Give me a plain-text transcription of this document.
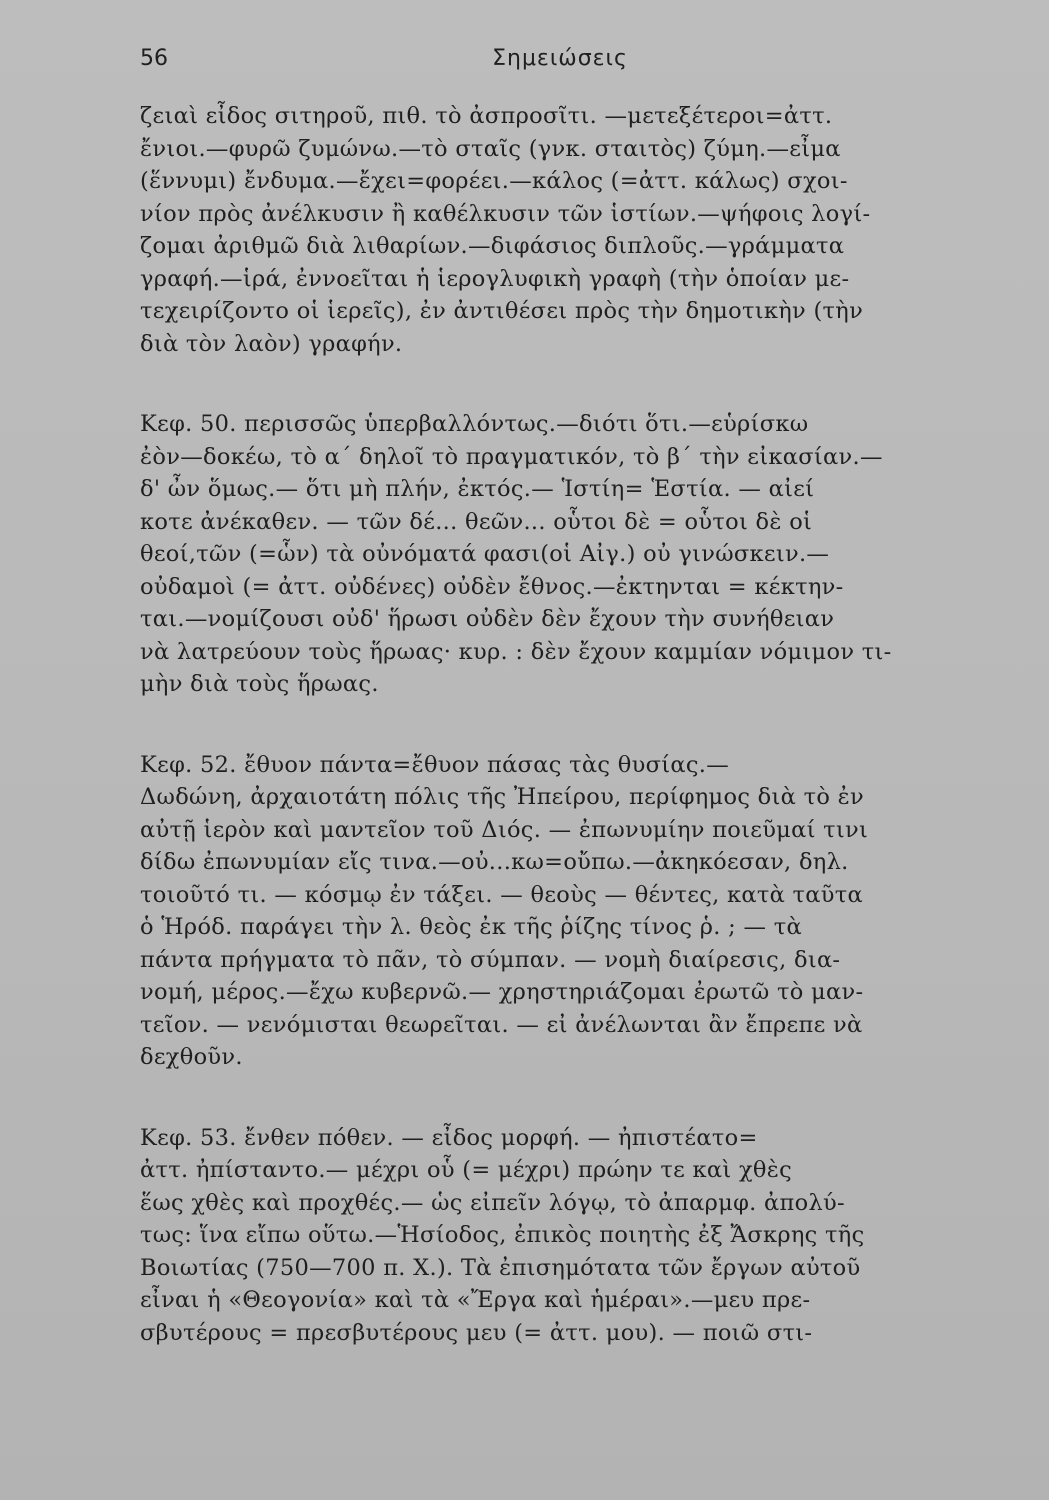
56	Σημειώσεις
ζειαὶ εἶδος σιτηροῦ, πιθ. τὸ ἀσπροσῖτι. —μετεξέτεροι=ἀττ.
ἔνιοι.—φυρῶ ζυμώνω.—τὸ σταῖς (γνκ. σταιτὸς) ζύμη.—εἶμα
(ἕννυμι) ἔνδυμα.—ἔχει=φορέει.—κάλος (=ἀττ. κάλως) σχοι-
νίον πρὸς ἀνέλκυσιν ἢ καθέλκυσιν τῶν ἱστίων.—ψήφοις λογί-
ζομαι ἀριθμῶ διὰ λιθαρίων.—διφάσιος διπλοῦς.—γράμματα
γραφή.—ἱρά, ἐννοεῖται ἡ ἱερογλυφικὴ γραφὴ (τὴν ὁποίαν με-
τεχειρίζοντο οἱ ἱερεῖς), ἐν ἀντιθέσει πρὸς τὴν δημοτικὴν (τὴν
διὰ τὸν λαὸν) γραφήν.
Κεφ. 50. περισσῶς ὑπερβαλλόντως.—διότι ὅτι.—εὑρίσκω
ἐὸν—δοκέω, τὸ α΄ δηλοῖ τὸ πραγματικόν, τὸ β΄ τὴν εἰκασίαν.—
δ' ὦν ὅμως.— ὅτι μὴ πλήν, ἐκτός.— Ἱστίη= Ἑστία. — αἰεί
κοτε ἀνέκαθεν. — τῶν δέ... θεῶν... οὗτοι δὲ = οὗτοι δὲ οἱ
θεοί,τῶν (=ὧν) τὰ οὐνόματά φασι(οἱ Αἰγ.) οὐ γινώσκειν.—
οὐδαμοὶ (= ἀττ. οὐδένες) οὐδὲν ἔθνος.—ἐκτηνται = κέκτην-
ται.—νομίζουσι οὐδ' ἥρωσι οὐδὲν δὲν ἔχουν τὴν συνήθειαν
νὰ λατρεύουν τοὺς ἥρωας· κυρ. : δὲν ἔχουν καμμίαν νόμιμον τι-
μὴν διὰ τοὺς ἥρωας.
Κεφ. 52. ἔθυον πάντα=ἔθυον πάσας τὰς θυσίας.—
Δωδώνη, ἀρχαιοτάτη πόλις τῆς Ἠπείρου, περίφημος διὰ τὸ ἐν
αὐτῇ ἱερὸν καὶ μαντεῖον τοῦ Διός. — ἐπωνυμίην ποιεῦμαί τινι
δίδω ἐπωνυμίαν εἴς τινα.—οὐ...κω=οὔπω.—ἀκηκόεσαν, δηλ.
τοιοῦτό τι. — κόσμῳ ἐν τάξει. — θεοὺς — θέντες, κατὰ ταῦτα
ὁ Ἡρόδ. παράγει τὴν λ. θεὸς ἐκ τῆς ῥίζης τίνος ῥ. ; — τὰ
πάντα πρήγματα τὸ πᾶν, τὸ σύμπαν. — νομὴ διαίρεσις, δια-
νομή, μέρος.—ἔχω κυβερνῶ.— χρηστηριάζομαι ἐρωτῶ τὸ μαν-
τεῖον. — νενόμισται θεωρεῖται. — εἰ ἀνέλωνται ἂν ἔπρεπε νὰ
δεχθοῦν.
Κεφ. 53. ἔνθεν πόθεν. — εἶδος μορφή. — ἠπιστέατο=
ἀττ. ἠπίσταντο.— μέχρι οὗ (= μέχρι) πρώην τε καὶ χθὲς
ἕως χθὲς καὶ προχθές.— ὡς εἰπεῖν λόγῳ, τὸ ἀπαρμφ. ἀπολύ-
τως: ἵνα εἴπω οὕτω.—Ἡσίοδος, ἐπικὸς ποιητὴς ἐξ Ἄσκρης τῆς
Βοιωτίας (750—700 π. Χ.). Τὰ ἐπισημότατα τῶν ἔργων αὐτοῦ
εἶναι ἡ «Θεογονία» καὶ τὰ «Ἔργα καὶ ἡμέραι».—μευ πρε-
σβυτέρους = πρεσβυτέρους μευ (= ἀττ. μου). — ποιῶ στι-
